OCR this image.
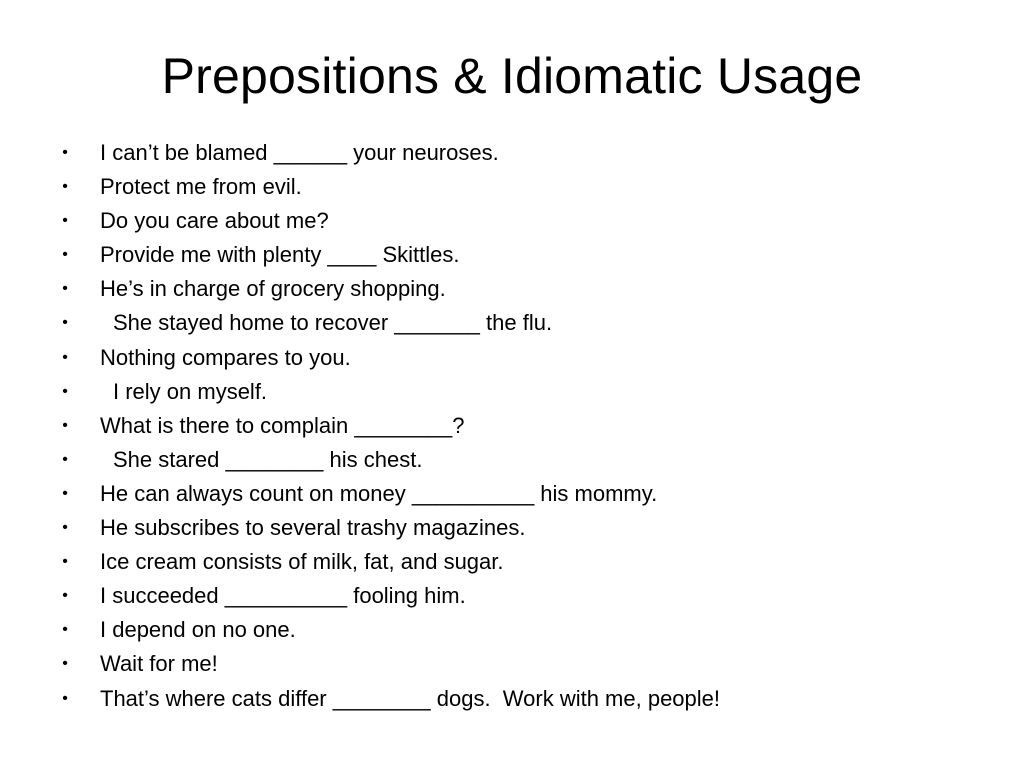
Prepositions & Idiomatic Usage
• I can’t be blamed ______ your neuroses.
• Protect me from evil.
• Do you care about me?
• Provide me with plenty ____ Skittles.
• He’s in charge of grocery shopping.
• She stayed home to recover _______ the flu.
• Nothing compares to you.
• I rely on myself.
• What is there to complain ________?
• She stared ________ his chest.
• He can always count on money __________ his mommy.
• He subscribes to several trashy magazines.
• Ice cream consists of milk, fat, and sugar.
• I succeeded __________ fooling him.
• I depend on no one.
• Wait for me!
• That’s where cats differ ________ dogs.  Work with me, people!
